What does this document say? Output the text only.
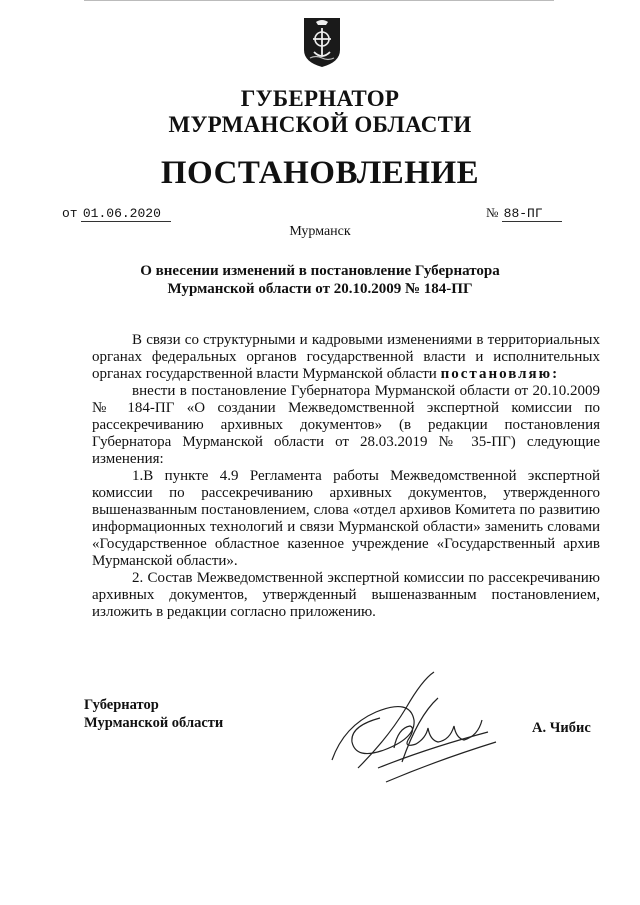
ГУБЕРНАТОР
МУРМАНСКОЙ ОБЛАСТИ
ПОСТАНОВЛЕНИЕ
от 01.06.2020	№ 88-ПГ
Мурманск
О внесении изменений в постановление Губернатора
Мурманской области от 20.10.2009 № 184-ПГ

В связи со структурными и кадровыми изменениями в территориальных органах федеральных органов государственной власти и исполнительных органах государственной власти Мурманской области постановляю:

внести в постановление Губернатора Мурманской области от 20.10.2009 № 184-ПГ «О создании Межведомственной экспертной комиссии по рассекречиванию архивных документов» (в редакции постановления Губернатора Мурманской области от 28.03.2019 № 35-ПГ) следующие изменения:

1.В пункте 4.9 Регламента работы Межведомственной экспертной комиссии по рассекречиванию архивных документов, утвержденного вышеназванным постановлением, слова «отдел архивов Комитета по развитию информационных технологий и связи Мурманской области» заменить словами «Государственное областное казенное учреждение «Государственный архив Мурманской области».

2. Состав Межведомственной экспертной комиссии по рассекречиванию архивных документов, утвержденный вышеназванным постановлением, изложить в редакции согласно приложению.

Губернатор
Мурманской области	А. Чибис
